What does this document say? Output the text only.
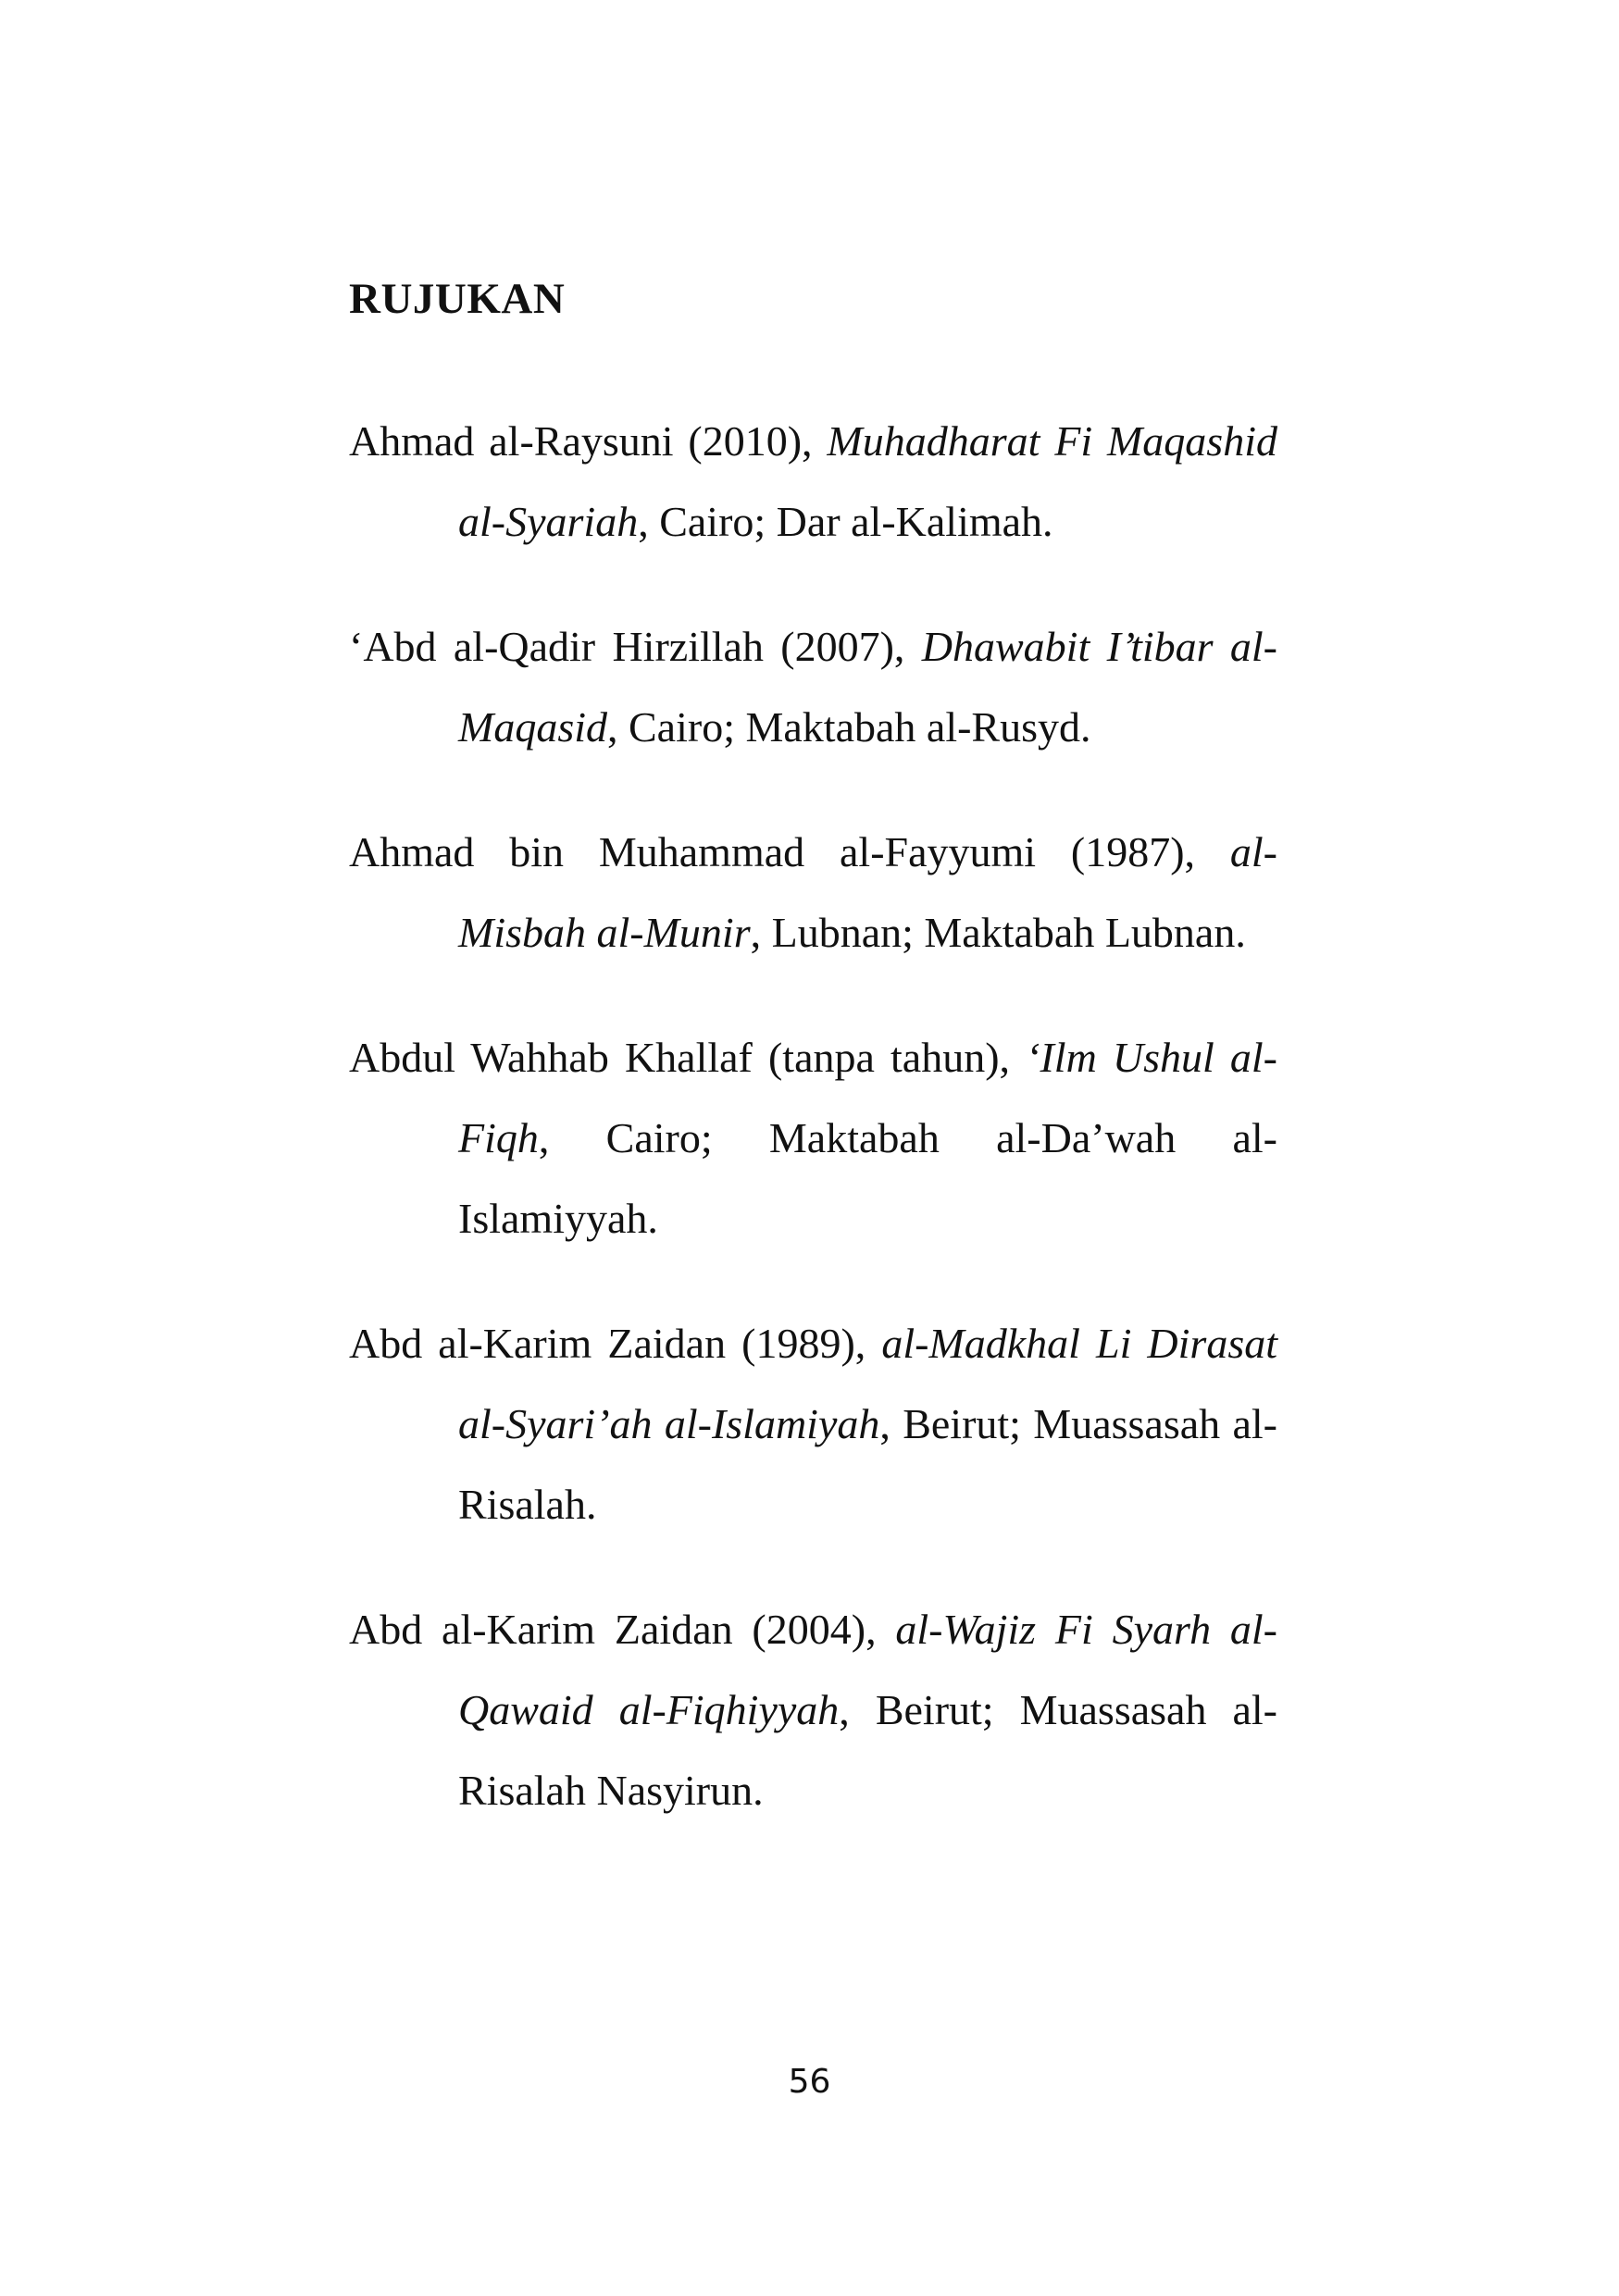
RUJUKAN

Ahmad al-Raysuni (2010), Muhadharat Fi Maqashid al-Syariah, Cairo; Dar al-Kalimah.

‘Abd al-Qadir Hirzillah (2007), Dhawabit I’tibar al-Maqasid, Cairo; Maktabah al-Rusyd.

Ahmad bin Muhammad al-Fayyumi (1987), al-Misbah al-Munir, Lubnan; Maktabah Lubnan.

Abdul Wahhab Khallaf (tanpa tahun), ‘Ilm Ushul al-Fiqh, Cairo; Maktabah al-Da’wah al-Islamiyyah.

Abd al-Karim Zaidan (1989), al-Madkhal Li Dirasat al-Syari’ah al-Islamiyah, Beirut; Muassasah al-Risalah.

Abd al-Karim Zaidan (2004), al-Wajiz Fi Syarh al-Qawaid al-Fiqhiyyah, Beirut; Muassasah al-Risalah Nasyirun.

56
